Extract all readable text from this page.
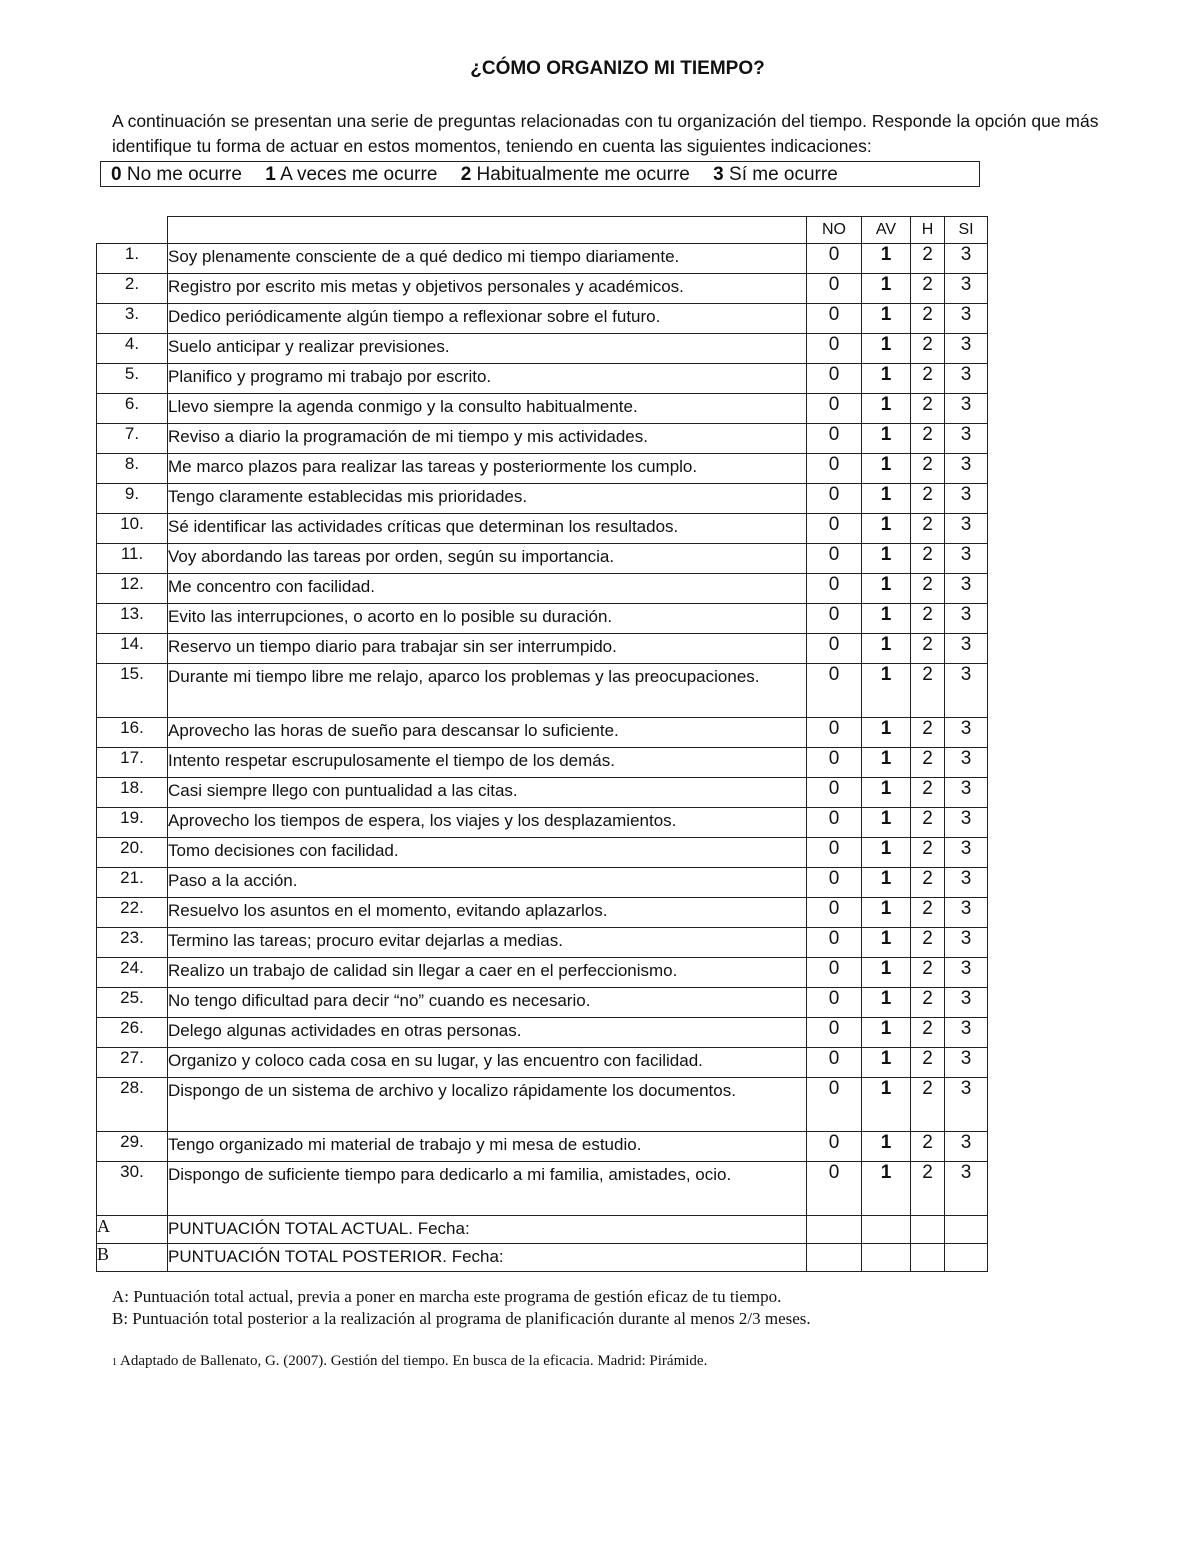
¿CÓMO ORGANIZO MI TIEMPO?
A continuación se presentan una serie de preguntas relacionadas con tu organización del tiempo. Responde la opción que más identifique tu forma de actuar en estos momentos, teniendo en cuenta las siguientes indicaciones:
0 No me ocurre 1 A veces me ocurre 2 Habitualmente me ocurre 3 Sí me ocurre
		NO	AV	H	SI
1.	Soy plenamente consciente de a qué dedico mi tiempo diariamente.	0	1	2	3
2.	Registro por escrito mis metas y objetivos personales y académicos.	0	1	2	3
3.	Dedico periódicamente algún tiempo a reflexionar sobre el futuro.	0	1	2	3
4.	Suelo anticipar y realizar previsiones.	0	1	2	3
5.	Planifico y programo mi trabajo por escrito.	0	1	2	3
6.	Llevo siempre la agenda conmigo y la consulto habitualmente.	0	1	2	3
7.	Reviso a diario la programación de mi tiempo y mis actividades.	0	1	2	3
8.	Me marco plazos para realizar las tareas y posteriormente los cumplo.	0	1	2	3
9.	Tengo claramente establecidas mis prioridades.	0	1	2	3
10.	Sé identificar las actividades críticas que determinan los resultados.	0	1	2	3
11.	Voy abordando las tareas por orden, según su importancia.	0	1	2	3
12.	Me concentro con facilidad.	0	1	2	3
13.	Evito las interrupciones, o acorto en lo posible su duración.	0	1	2	3
14.	Reservo un tiempo diario para trabajar sin ser interrumpido.	0	1	2	3
15.	Durante mi tiempo libre me relajo, aparco los problemas y las preocupaciones.	0	1	2	3
16.	Aprovecho las horas de sueño para descansar lo suficiente.	0	1	2	3
17.	Intento respetar escrupulosamente el tiempo de los demás.	0	1	2	3
18.	Casi siempre llego con puntualidad a las citas.	0	1	2	3
19.	Aprovecho los tiempos de espera, los viajes y los desplazamientos.	0	1	2	3
20.	Tomo decisiones con facilidad.	0	1	2	3
21.	Paso a la acción.	0	1	2	3
22.	Resuelvo los asuntos en el momento, evitando aplazarlos.	0	1	2	3
23.	Termino las tareas; procuro evitar dejarlas a medias.	0	1	2	3
24.	Realizo un trabajo de calidad sin llegar a caer en el perfeccionismo.	0	1	2	3
25.	No tengo dificultad para decir “no” cuando es necesario.	0	1	2	3
26.	Delego algunas actividades en otras personas.	0	1	2	3
27.	Organizo y coloco cada cosa en su lugar, y las encuentro con facilidad.	0	1	2	3
28.	Dispongo de un sistema de archivo y localizo rápidamente los documentos.	0	1	2	3
29.	Tengo organizado mi material de trabajo y mi mesa de estudio.	0	1	2	3
30.	Dispongo de suficiente tiempo para dedicarlo a mi familia, amistades, ocio.	0	1	2	3
A	PUNTUACIÓN TOTAL ACTUAL. Fecha:				
B	PUNTUACIÓN TOTAL POSTERIOR. Fecha:				
A: Puntuación total actual, previa a poner en marcha este programa de gestión eficaz de tu tiempo.
B: Puntuación total posterior a la realización al programa de planificación durante al menos 2/3 meses.
1 Adaptado de Ballenato, G. (2007). Gestión del tiempo. En busca de la eficacia. Madrid: Pirámide.
